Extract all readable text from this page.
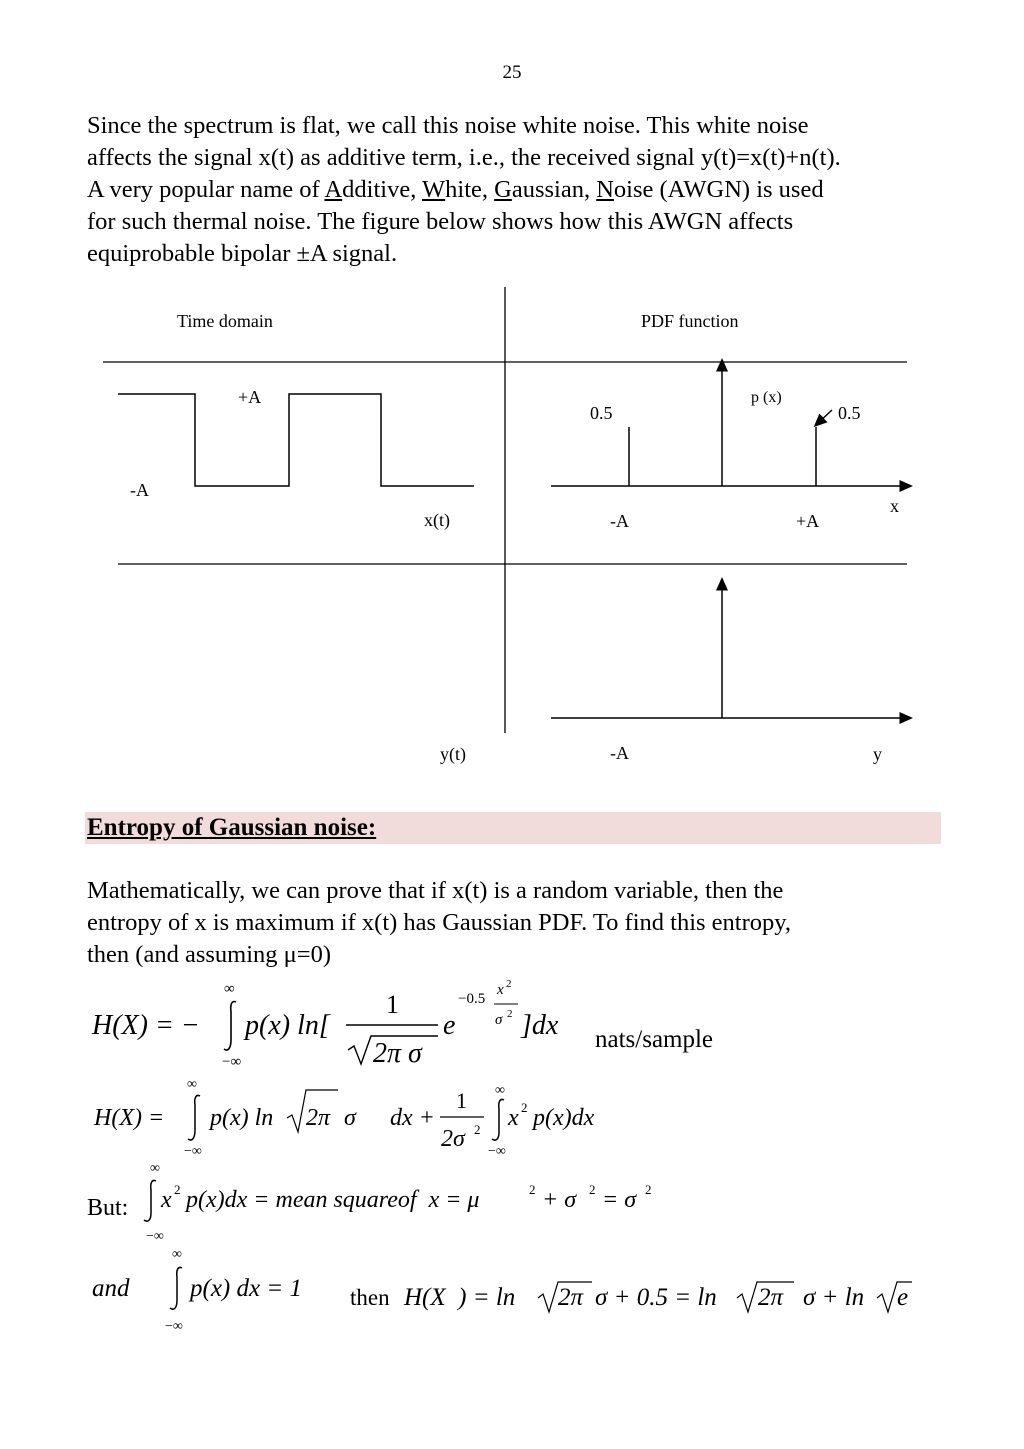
25

Since the spectrum is flat, we call this noise white noise. This white noise
affects the signal x(t) as additive term, i.e., the received signal y(t)=x(t)+n(t).
A very popular name of Additive, White, Gaussian, Noise (AWGN) is used
for such thermal noise. The figure below shows how this AWGN affects
equiprobable bipolar ±A signal.

Time domain	PDF function
+A
-A
x(t)
p (x)
0.5	0.5
x
-A	+A
y(t)	-A	y
Entropy of Gaussian noise:

Mathematically, we can prove that if x(t) is a random variable, then the
entropy of x is maximum if x(t) has Gaussian PDF. To find this entropy,
then (and assuming μ=0)

H(X) = −
∞
−∞
p(x) ln[
1
2π σ
e
−0.5
x 2
σ 2 ]dx nats/sample
H(X) =
∞
−∞
p(x) ln 2π σ dx +
1
2σ 2
∞
−∞
x 2 p(x)dx
But:
∞
−∞
x 2 p(x)dx = mean squareof  x = μ	2 + σ 2 = σ 2
and
∞
−∞
p(x) dx = 1 then H(X  ) = ln 2π σ + 0.5 = ln 2π σ + ln e
